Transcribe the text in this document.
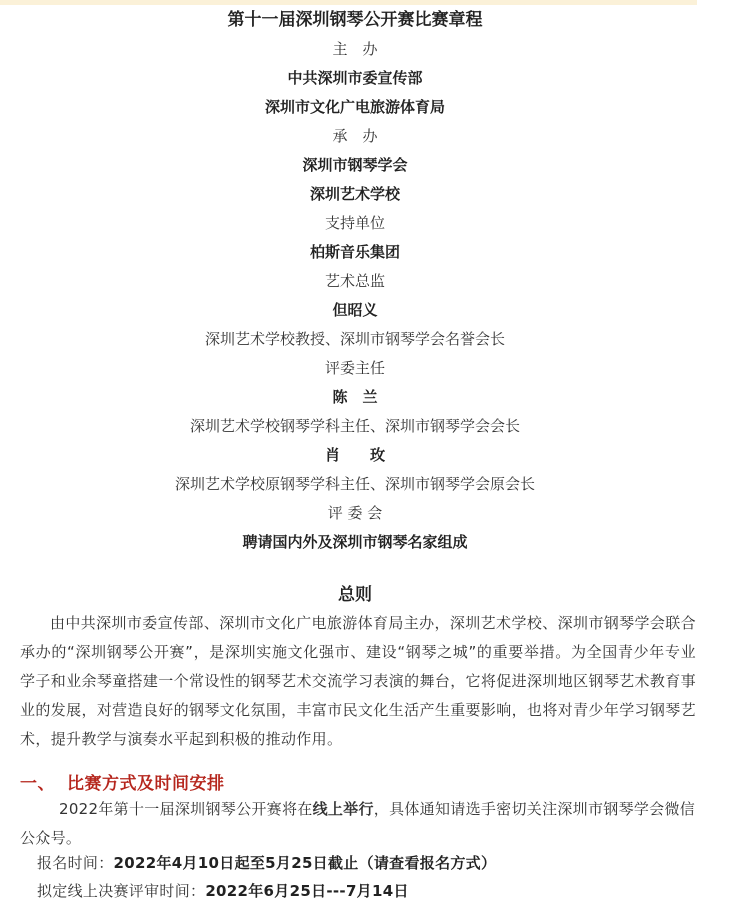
第十一届深圳钢琴公开赛比赛章程
主　办
中共深圳市委宣传部
深圳市文化广电旅游体育局
承　办
深圳市钢琴学会
深圳艺术学校
支持单位
柏斯音乐集团
艺术总监
但昭义
深圳艺术学校教授、深圳市钢琴学会名誉会长
评委主任
陈　兰
深圳艺术学校钢琴学科主任、深圳市钢琴学会会长
肖　　玫
深圳艺术学校原钢琴学科主任、深圳市钢琴学会原会长
评 委 会
聘请国内外及深圳市钢琴名家组成
总则
由中共深圳市委宣传部、深圳市文化广电旅游体育局主办，深圳艺术学校、深圳市钢琴学会联合承办的“深圳钢琴公开赛”，是深圳实施文化强市、建设“钢琴之城”的重要举措。为全国青少年专业学子和业余琴童搭建一个常设性的钢琴艺术交流学习表演的舞台，它将促进深圳地区钢琴艺术教育事业的发展，对营造良好的钢琴文化氛围，丰富市民文化生活产生重要影响，也将对青少年学习钢琴艺术，提升教学与演奏水平起到积极的推动作用。
一、 比赛方式及时间安排
2022年第十一届深圳钢琴公开赛将在线上举行，具体通知请选手密切关注深圳市钢琴学会微信公众号。
报名时间：2022年4月10日起至5月25日截止（请查看报名方式）
拟定线上决赛评审时间：2022年6月25日---7月14日
